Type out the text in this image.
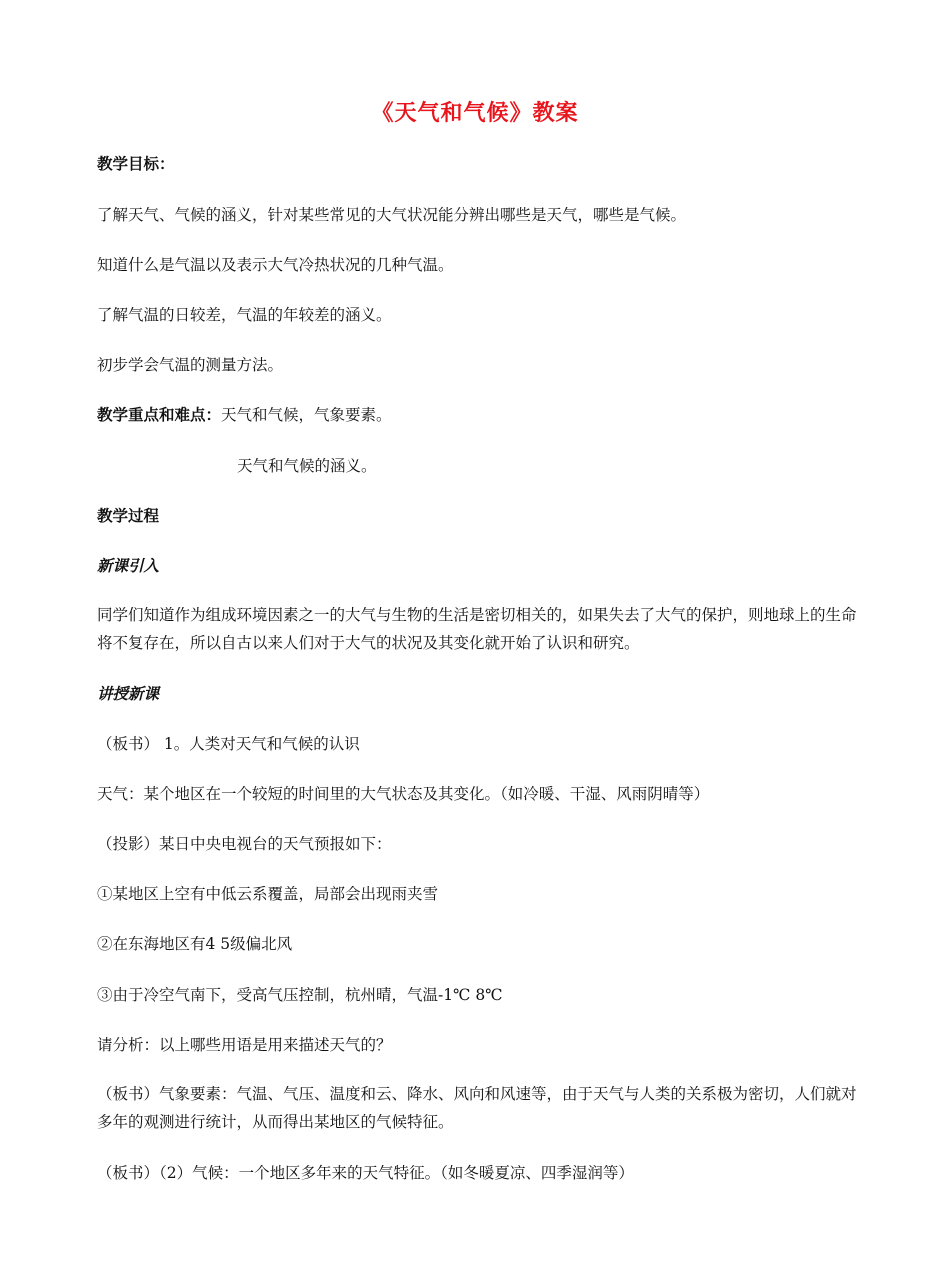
《天气和气候》教案
教学目标：
了解天气、气候的涵义，针对某些常见的大气状况能分辨出哪些是天气，哪些是气候。
知道什么是气温以及表示大气冷热状况的几种气温。
了解气温的日较差，气温的年较差的涵义。
初步学会气温的测量方法。
教学重点和难点：天气和气候，气象要素。
天气和气候的涵义。
教学过程
新课引入
同学们知道作为组成环境因素之一的大气与生物的生活是密切相关的，如果失去了大气的保护，则地球上的生命将不复存在，所以自古以来人们对于大气的状况及其变化就开始了认识和研究。
讲授新课
（板书） 1。人类对天气和气候的认识
天气：某个地区在一个较短的时间里的大气状态及其变化。（如冷暖、干湿、风雨阴晴等）
（投影）某日中央电视台的天气预报如下：
①某地区上空有中低云系覆盖，局部会出现雨夹雪
②在东海地区有4 5级偏北风
③由于冷空气南下，受高气压控制，杭州晴，气温-1℃ 8℃
请分析：以上哪些用语是用来描述天气的？
（板书）气象要素：气温、气压、温度和云、降水、风向和风速等，由于天气与人类的关系极为密切，人们就对多年的观测进行统计，从而得出某地区的气候特征。
（板书）（2）气候：一个地区多年来的天气特征。（如冬暖夏凉、四季湿润等）
